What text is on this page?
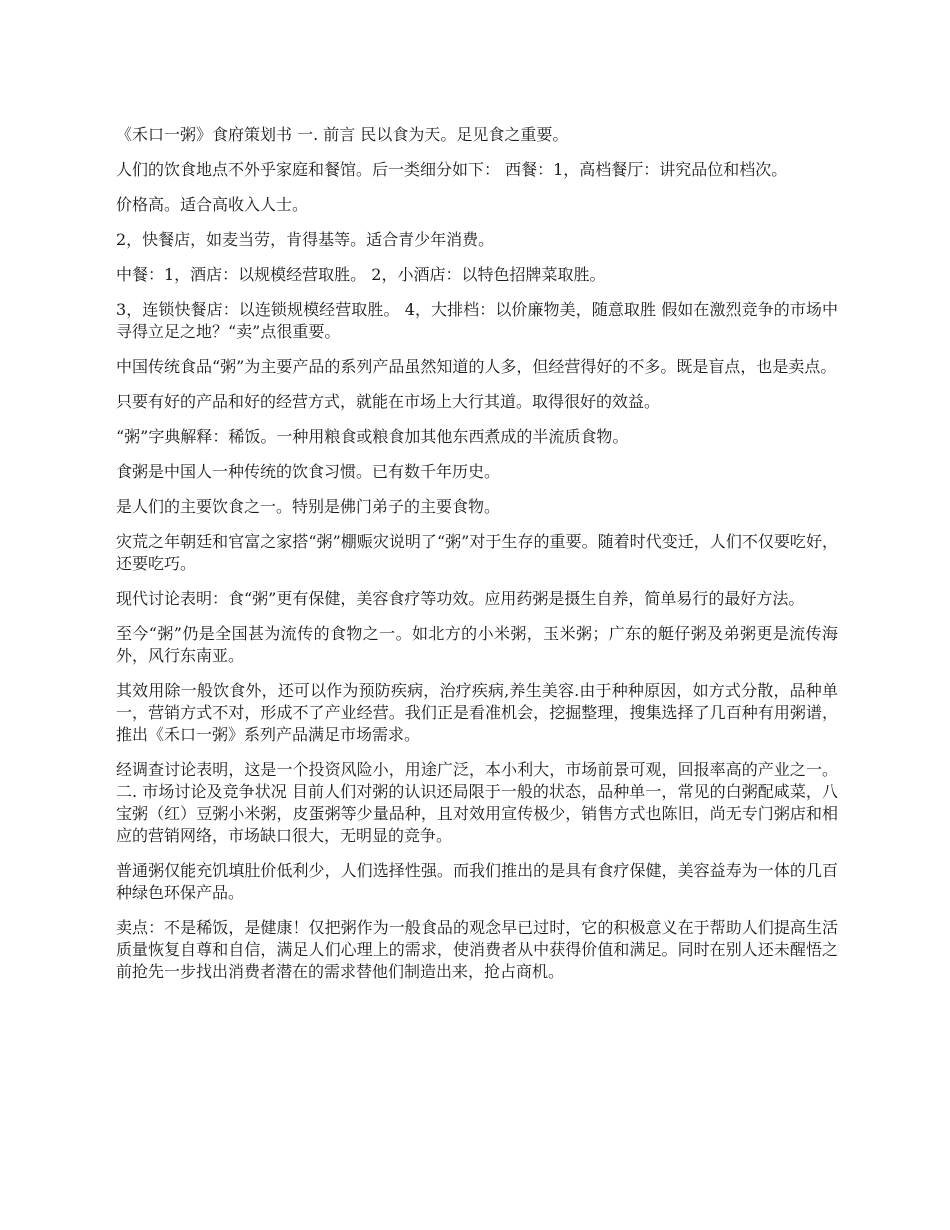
《禾口一粥》食府策划书 一. 前言 民以食为天。足见食之重要。

人们的饮食地点不外乎家庭和餐馆。后一类细分如下： 西餐：1，高档餐厅：讲究品位和档次。

价格高。适合高收入人士。

2，快餐店，如麦当劳，肯得基等。适合青少年消费。

中餐：1，酒店：以规模经营取胜。 2，小酒店：以特色招牌菜取胜。

3，连锁快餐店：以连锁规模经营取胜。 4，大排档：以价廉物美，随意取胜 假如在激烈竞争的市场中寻得立足之地？“卖”点很重要。

中国传统食品“粥”为主要产品的系列产品虽然知道的人多，但经营得好的不多。既是盲点，也是卖点。

只要有好的产品和好的经营方式，就能在市场上大行其道。取得很好的效益。

“粥”字典解释：稀饭。一种用粮食或粮食加其他东西煮成的半流质食物。

食粥是中国人一种传统的饮食习惯。已有数千年历史。

是人们的主要饮食之一。特别是佛门弟子的主要食物。

灾荒之年朝廷和官富之家搭“粥”棚赈灾说明了“粥”对于生存的重要。随着时代变迁，人们不仅要吃好，还要吃巧。

现代讨论表明：食“粥”更有保健，美容食疗等功效。应用药粥是摄生自养，简单易行的最好方法。

至今“粥”仍是全国甚为流传的食物之一。如北方的小米粥，玉米粥；广东的艇仔粥及弟粥更是流传海外，风行东南亚。

其效用除一般饮食外，还可以作为预防疾病，治疗疾病,养生美容.由于种种原因，如方式分散，品种单一，营销方式不对，形成不了产业经营。我们正是看准机会，挖掘整理，搜集选择了几百种有用粥谱，推出《禾口一粥》系列产品满足市场需求。

经调查讨论表明，这是一个投资风险小，用途广泛，本小利大，市场前景可观，回报率高的产业之一。 二. 市场讨论及竞争状况 目前人们对粥的认识还局限于一般的状态，品种单一，常见的白粥配咸菜，八宝粥（红）豆粥小米粥，皮蛋粥等少量品种，且对效用宣传极少，销售方式也陈旧，尚无专门粥店和相应的营销网络，市场缺口很大，无明显的竞争。

普通粥仅能充饥填肚价低利少，人们选择性强。而我们推出的是具有食疗保健，美容益寿为一体的几百种绿色环保产品。

卖点：不是稀饭，是健康！仅把粥作为一般食品的观念早已过时，它的积极意义在于帮助人们提高生活质量恢复自尊和自信，满足人们心理上的需求，使消费者从中获得价值和满足。同时在别人还未醒悟之前抢先一步找出消费者潜在的需求替他们制造出来，抢占商机。
